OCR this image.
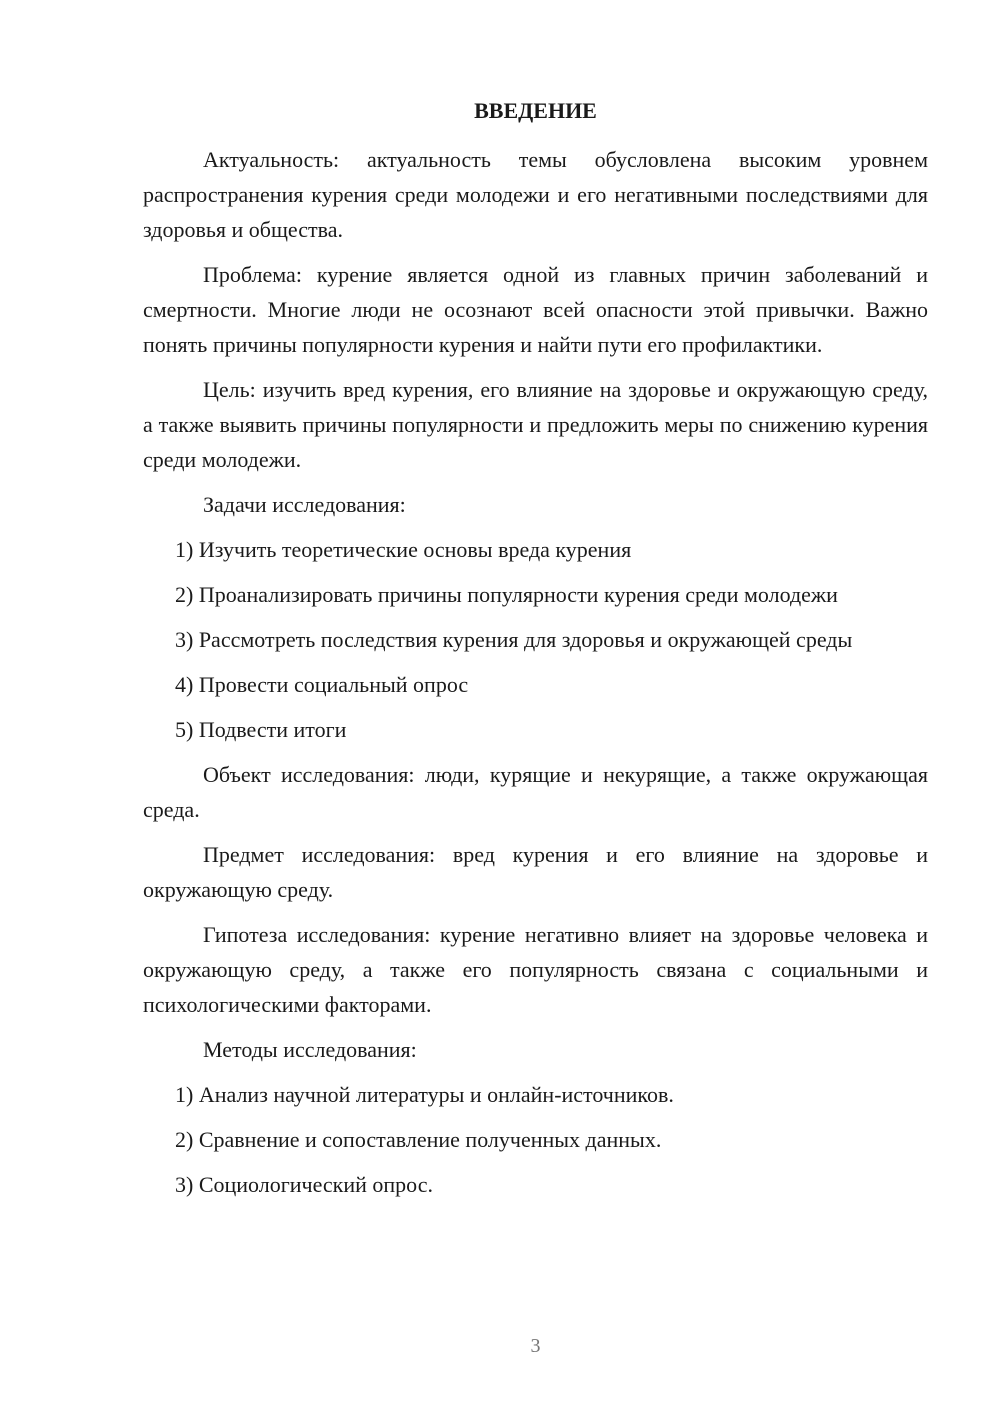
ВВЕДЕНИЕ

Актуальность: актуальность темы обусловлена высоким уровнем распространения курения среди молодежи и его негативными последствиями для здоровья и общества.

Проблема: курение является одной из главных причин заболеваний и смертности. Многие люди не осознают всей опасности этой привычки. Важно понять причины популярности курения и найти пути его профилактики.

Цель: изучить вред курения, его влияние на здоровье и окружающую среду, а также выявить причины популярности и предложить меры по снижению курения среди молодежи.

Задачи исследования:

1) Изучить теоретические основы вреда курения

2) Проанализировать причины популярности курения среди молодежи

3) Рассмотреть последствия курения для здоровья и окружающей среды

4) Провести социальный опрос

5) Подвести итоги

Объект исследования: люди, курящие и некурящие, а также окружающая среда.

Предмет исследования: вред курения и его влияние на здоровье и окружающую среду.

Гипотеза исследования: курение негативно влияет на здоровье человека и окружающую среду, а также его популярность связана с социальными и психологическими факторами.

Методы исследования:

1) Анализ научной литературы и онлайн-источников.

2) Сравнение и сопоставление полученных данных.

3) Социологический опрос.

3
